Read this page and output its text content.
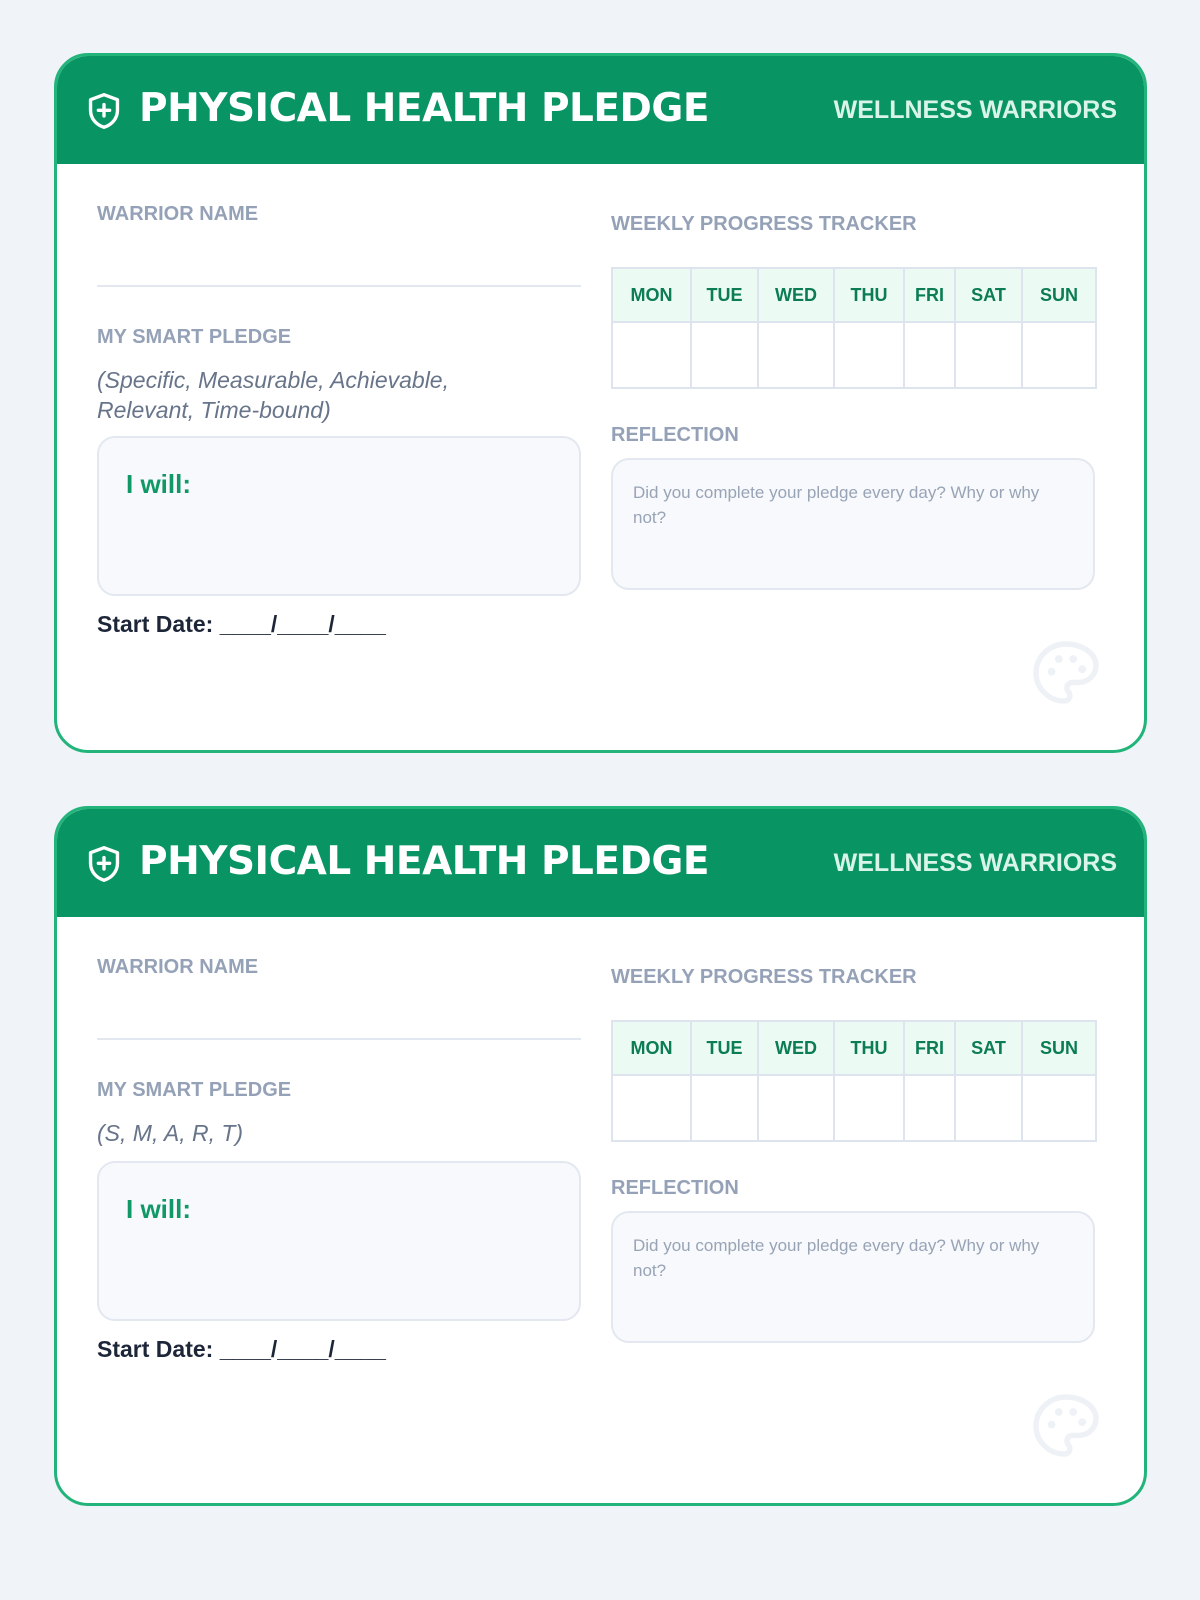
PHYSICAL HEALTH PLEDGE	WELLNESS WARRIORS
WARRIOR NAME
MY SMART PLEDGE
(Specific, Measurable, Achievable, Relevant, Time-bound)
I will:
Start Date: ____/____/____
WEEKLY PROGRESS TRACKER
MON	TUE	WED	THU	FRI	SAT	SUN

REFLECTION
Did you complete your pledge every day? Why or why not?
PHYSICAL HEALTH PLEDGE	WELLNESS WARRIORS
WARRIOR NAME
MY SMART PLEDGE
(S, M, A, R, T)
I will:
Start Date: ____/____/____
WEEKLY PROGRESS TRACKER
MON	TUE	WED	THU	FRI	SAT	SUN

REFLECTION
Did you complete your pledge every day? Why or why not?
